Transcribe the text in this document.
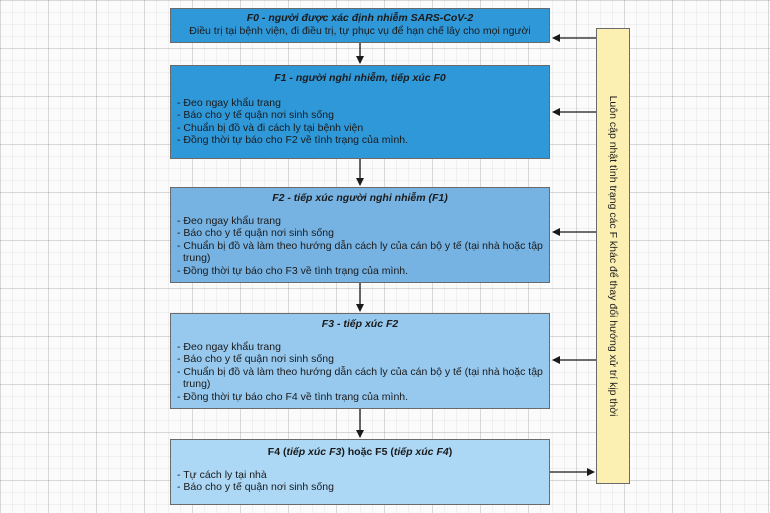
F0 - người được xác định nhiễm SARS-CoV-2
Điều trị tại bệnh viện, đi điều trị, tự phục vụ để hạn chế lây cho mọi người
F1 - người nghi nhiễm, tiếp xúc F0
- Đeo ngay khẩu trang
- Báo cho y tế quận nơi sinh sống
- Chuẩn bị đồ và đi cách ly tại bệnh viện
- Đồng thời tự báo cho F2 về tình trạng của mình.
F2 - tiếp xúc người nghi nhiễm (F1)
- Đeo ngay khẩu trang
- Báo cho y tế quận nơi sinh sống
- Chuẩn bị đồ và làm theo hướng dẫn cách ly của cán bộ y tế (tại nhà hoặc tập trung)
- Đồng thời tự báo cho F3 về tình trạng của mình.
F3 - tiếp xúc F2
- Đeo ngay khẩu trang
- Báo cho y tế quận nơi sinh sống
- Chuẩn bị đồ và làm theo hướng dẫn cách ly của cán bộ y tế (tại nhà hoặc tập trung)
- Đồng thời tự báo cho F4 về tình trạng của mình.
F4 (tiếp xúc F3) hoặc F5 (tiếp xúc F4)
- Tự cách ly tại nhà
- Báo cho y tế quận nơi sinh sống
Luôn cập nhật tình trạng các F khác để thay đổi hướng xử trí kịp thời
